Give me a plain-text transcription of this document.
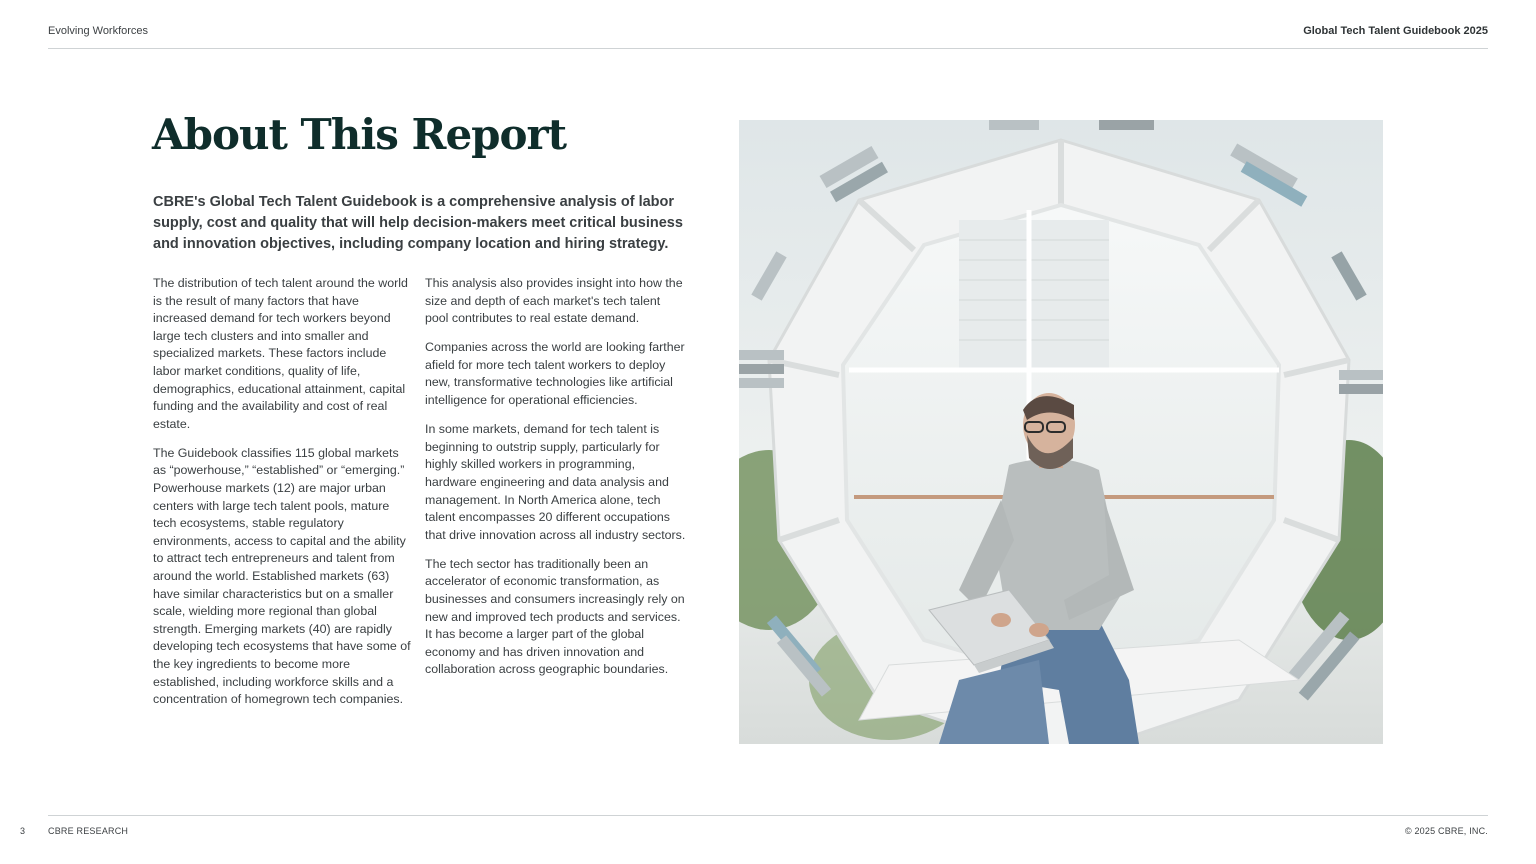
Evolving Workforces	Global Tech Talent Guidebook 2025
About This Report

CBRE's Global Tech Talent Guidebook is a comprehensive analysis of labor supply, cost and quality that will help decision-makers meet critical business and innovation objectives, including company location and hiring strategy.

The distribution of tech talent around the world is the result of many factors that have increased demand for tech workers beyond large tech clusters and into smaller and specialized markets. These factors include labor market conditions, quality of life, demographics, educational attainment, capital funding and the availability and cost of real estate.

The Guidebook classifies 115 global markets as “powerhouse,” “established” or “emerging.” Powerhouse markets (12) are major urban centers with large tech talent pools, mature tech ecosystems, stable regulatory environments, access to capital and the ability to attract tech entrepreneurs and talent from around the world. Established markets (63) have similar characteristics but on a smaller scale, wielding more regional than global strength. Emerging markets (40) are rapidly developing tech ecosystems that have some of the key ingredients to become more established, including workforce skills and a concentration of homegrown tech companies.

This analysis also provides insight into how the size and depth of each market's tech talent pool contributes to real estate demand.

Companies across the world are looking farther afield for more tech talent workers to deploy new, transformative technologies like artificial intelligence for operational efficiencies.

In some markets, demand for tech talent is beginning to outstrip supply, particularly for highly skilled workers in programming, hardware engineering and data analysis and management. In North America alone, tech talent encompasses 20 different occupations that drive innovation across all industry sectors.

The tech sector has traditionally been an accelerator of economic transformation, as businesses and consumers increasingly rely on new and improved tech products and services. It has become a larger part of the global economy and has driven innovation and collaboration across geographic boundaries.

3	CBRE RESEARCH	© 2025 CBRE, INC.
